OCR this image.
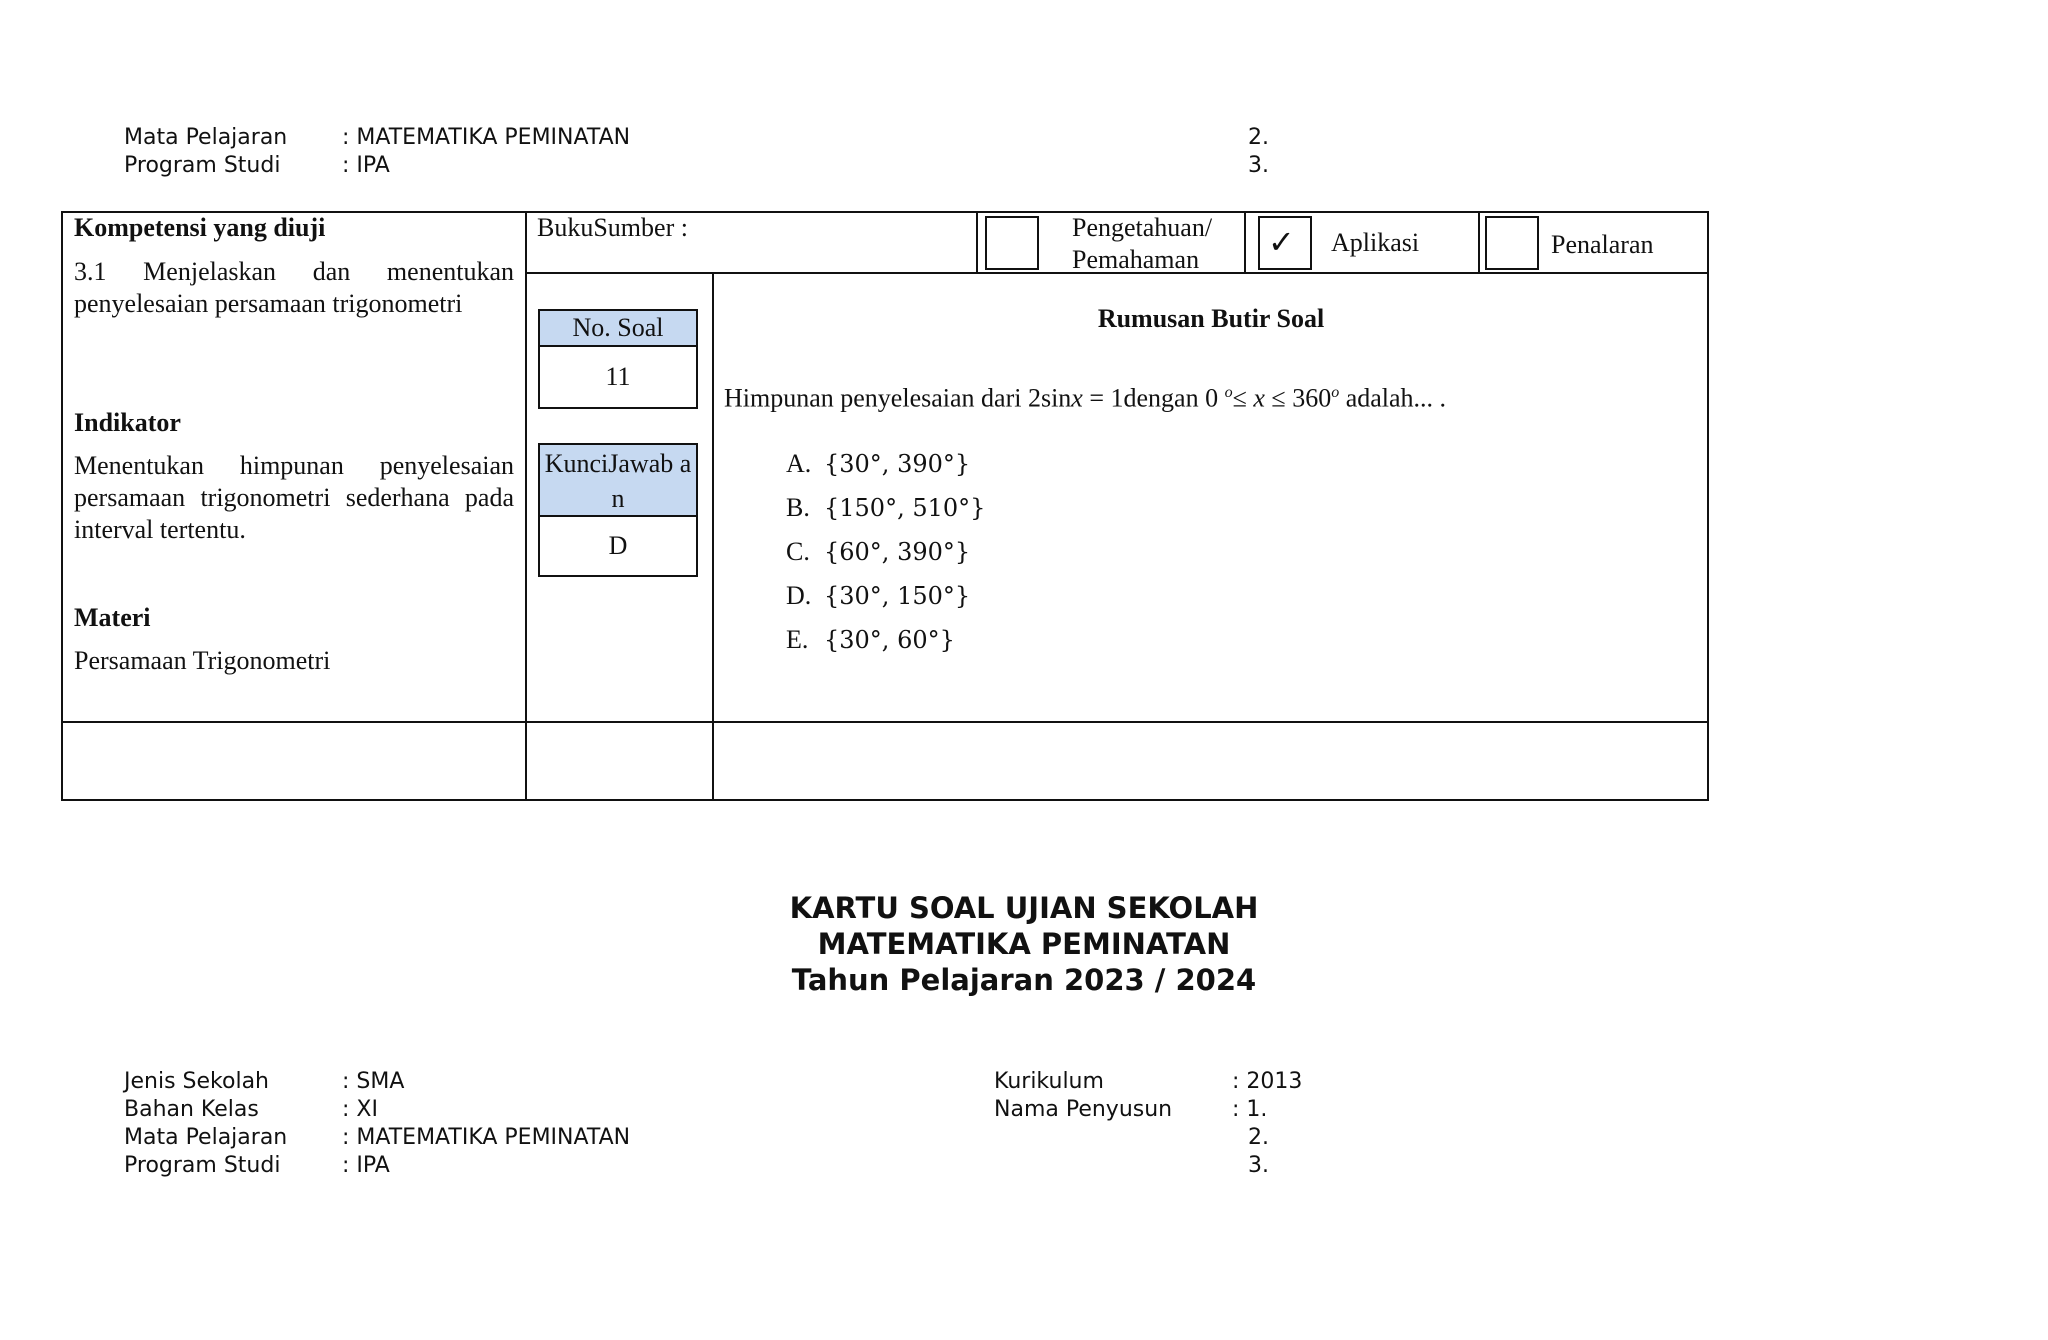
Mata Pelajaran : MATEMATIKA PEMINATAN
Program Studi	: IPA
2.
3.
Kompetensi yang diuji
3.1 Menjelaskan dan menentukan penyelesaian persamaan trigonometri
Indikator
Menentukan himpunan penyelesaian persamaan trigonometri sederhana pada interval tertentu.
Materi
Persamaan Trigonometri
BukuSumber :	Pengetahuan/ Pemahaman	✓ Aplikasi	Penalaran
No. Soal
11
KunciJawab an
D
Rumusan Butir Soal
Himpunan penyelesaian dari 2sinx = 1dengan 0 $^o\le x \le 360^o$ adalah... .
A. {30°, 390°}
B. {150°, 510°}
C. {60°, 390°}
D. {30°, 150°}
E. {30°, 60°}
KARTU SOAL UJIAN SEKOLAH
MATEMATIKA PEMINATAN
Tahun Pelajaran 2023 / 2024
Jenis Sekolah	: SMA
Bahan Kelas	: XI
Mata Pelajaran : MATEMATIKA PEMINATAN
Program Studi	: IPA
Kurikulum	: 2013
Nama Penyusun	: 1.
2.
3.
